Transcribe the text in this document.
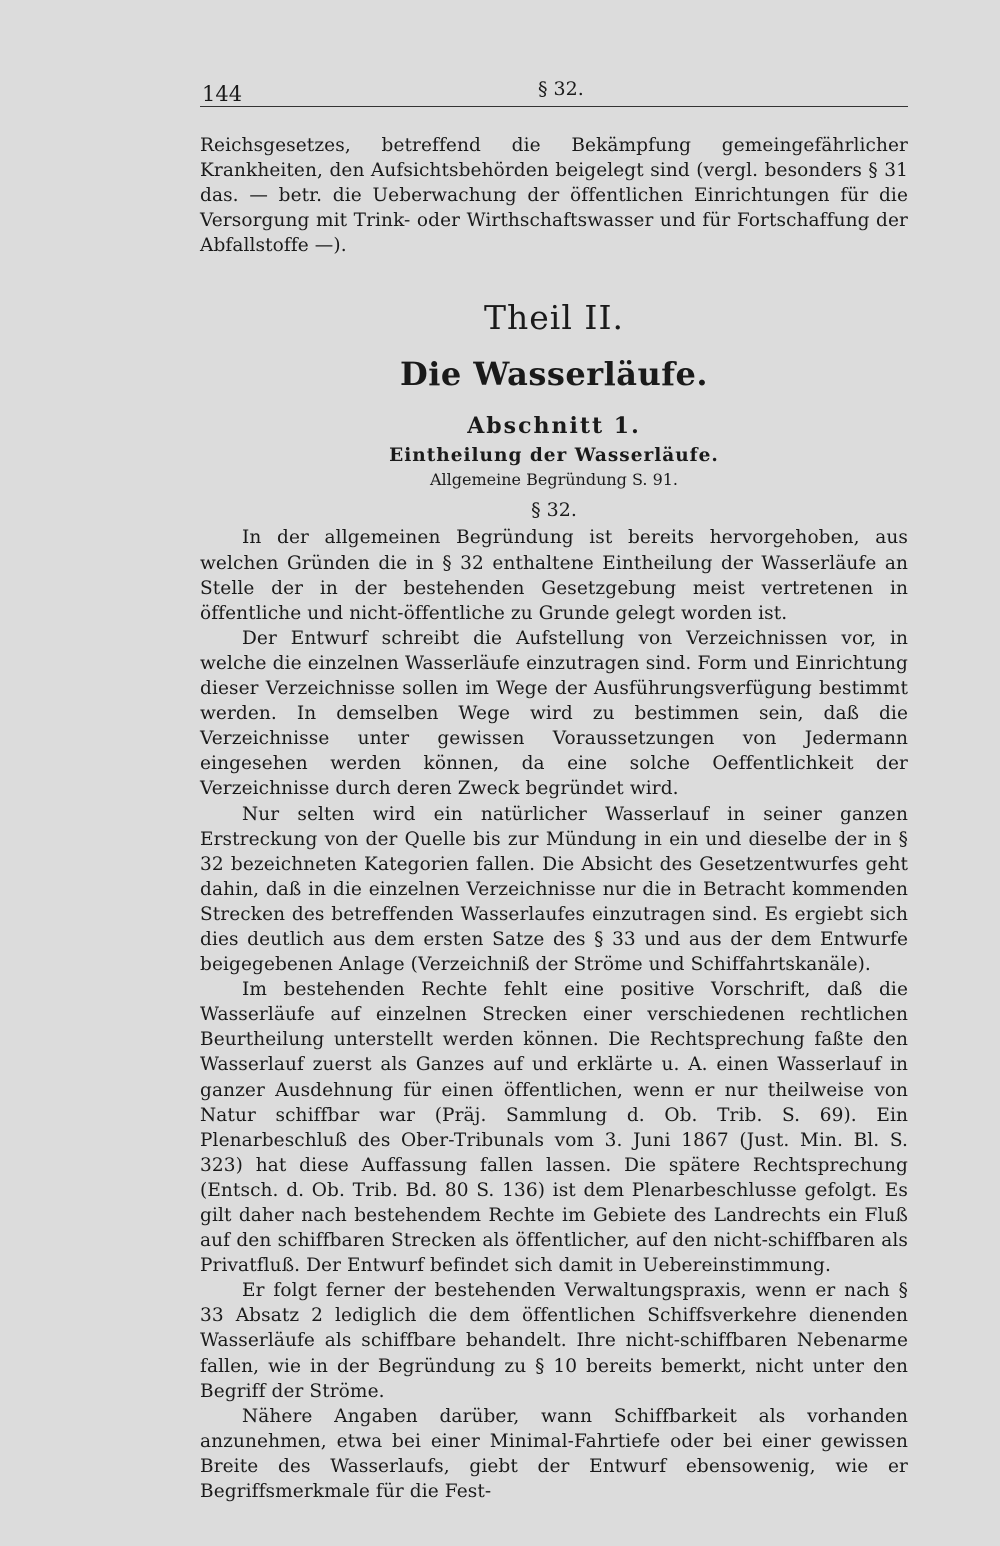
144	§ 32.

Reichsgesetzes, betreffend die Bekämpfung gemeingefährlicher Krankheiten, den Aufsichtsbehörden beigelegt sind (vergl. besonders § 31 das. — betr. die Ueberwachung der öffentlichen Einrichtungen für die Versorgung mit Trink- oder Wirthschaftswasser und für Fortschaffung der Abfallstoffe —).

Theil II.
Die Wasserläufe.
Abschnitt 1.
Eintheilung der Wasserläufe.
Allgemeine Begründung S. 91.
§ 32.

In der allgemeinen Begründung ist bereits hervorgehoben, aus welchen Gründen die in § 32 enthaltene Eintheilung der Wasserläufe an Stelle der in der bestehenden Gesetzgebung meist vertretenen in öffentliche und nicht-öffentliche zu Grunde gelegt worden ist.

Der Entwurf schreibt die Aufstellung von Verzeichnissen vor, in welche die einzelnen Wasserläufe einzutragen sind. Form und Einrichtung dieser Verzeichnisse sollen im Wege der Ausführungsverfügung bestimmt werden. In demselben Wege wird zu bestimmen sein, daß die Verzeichnisse unter gewissen Voraussetzungen von Jedermann eingesehen werden können, da eine solche Oeffentlichkeit der Verzeichnisse durch deren Zweck begründet wird.

Nur selten wird ein natürlicher Wasserlauf in seiner ganzen Erstreckung von der Quelle bis zur Mündung in ein und dieselbe der in § 32 bezeichneten Kategorien fallen. Die Absicht des Gesetzentwurfes geht dahin, daß in die einzelnen Verzeichnisse nur die in Betracht kommenden Strecken des betreffenden Wasserlaufes einzutragen sind. Es ergiebt sich dies deutlich aus dem ersten Satze des § 33 und aus der dem Entwurfe beigegebenen Anlage (Verzeichniß der Ströme und Schiffahrtskanäle).

Im bestehenden Rechte fehlt eine positive Vorschrift, daß die Wasserläufe auf einzelnen Strecken einer verschiedenen rechtlichen Beurtheilung unterstellt werden können. Die Rechtsprechung faßte den Wasserlauf zuerst als Ganzes auf und erklärte u. A. einen Wasserlauf in ganzer Ausdehnung für einen öffentlichen, wenn er nur theilweise von Natur schiffbar war (Präj. Sammlung d. Ob. Trib. S. 69). Ein Plenarbeschluß des Ober-Tribunals vom 3. Juni 1867 (Just. Min. Bl. S. 323) hat diese Auffassung fallen lassen. Die spätere Rechtsprechung (Entsch. d. Ob. Trib. Bd. 80 S. 136) ist dem Plenarbeschlusse gefolgt. Es gilt daher nach bestehendem Rechte im Gebiete des Landrechts ein Fluß auf den schiffbaren Strecken als öffentlicher, auf den nicht-schiffbaren als Privatfluß. Der Entwurf befindet sich damit in Uebereinstimmung.

Er folgt ferner der bestehenden Verwaltungspraxis, wenn er nach § 33 Absatz 2 lediglich die dem öffentlichen Schiffsverkehre dienenden Wasserläufe als schiffbare behandelt. Ihre nicht-schiffbaren Nebenarme fallen, wie in der Begründung zu § 10 bereits bemerkt, nicht unter den Begriff der Ströme.

Nähere Angaben darüber, wann Schiffbarkeit als vorhanden anzunehmen, etwa bei einer Minimal-Fahrtiefe oder bei einer gewissen Breite des Wasserlaufs, giebt der Entwurf ebensowenig, wie er Begriffsmerkmale für die Fest-
